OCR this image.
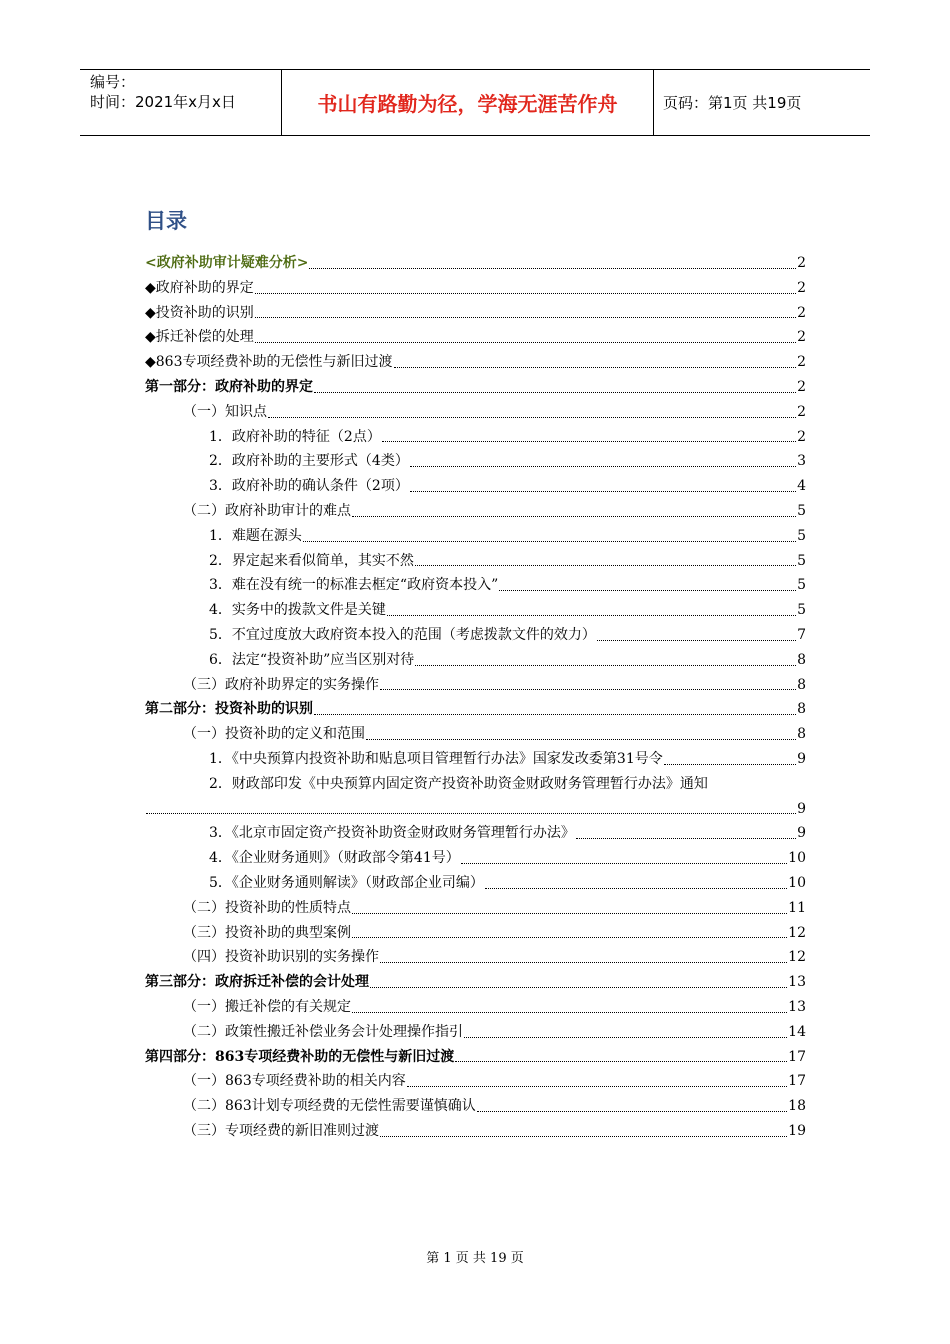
编号：
时间：2021年x月x日	书山有路勤为径，学海无涯苦作舟	页码：第1页 共19页
目录
<政府补助审计疑难分析>	2
◆政府补助的界定	2
◆投资补助的识别	2
◆拆迁补偿的处理	2
◆863专项经费补助的无偿性与新旧过渡	2
第一部分：政府补助的界定	2
（一）知识点	2
1．政府补助的特征（2点）	2
2．政府补助的主要形式（4类）	3
3．政府补助的确认条件（2项）	4
（二）政府补助审计的难点	5
1．难题在源头	5
2．界定起来看似简单，其实不然	5
3．难在没有统一的标准去框定“政府资本投入”	5
4．实务中的拨款文件是关键	5
5．不宜过度放大政府资本投入的范围（考虑拨款文件的效力）	7
6．法定“投资补助”应当区别对待	8
（三）政府补助界定的实务操作	8
第二部分：投资补助的识别	8
（一）投资补助的定义和范围	8
1．《中央预算内投资补助和贴息项目管理暂行办法》国家发改委第31号令	9
2．财政部印发《中央预算内固定资产投资补助资金财政财务管理暂行办法》通知
9
3．《北京市固定资产投资补助资金财政财务管理暂行办法》	9
4．《企业财务通则》（财政部令第41号）	10
5．《企业财务通则解读》（财政部企业司编）	10
（二）投资补助的性质特点	11
（三）投资补助的典型案例	12
（四）投资补助识别的实务操作	12
第三部分：政府拆迁补偿的会计处理	13
（一）搬迁补偿的有关规定	13
（二）政策性搬迁补偿业务会计处理操作指引	14
第四部分：863专项经费补助的无偿性与新旧过渡	17
（一）863专项经费补助的相关内容	17
（二）863计划专项经费的无偿性需要谨慎确认	18
（三）专项经费的新旧准则过渡	19
第 1 页 共 19 页
